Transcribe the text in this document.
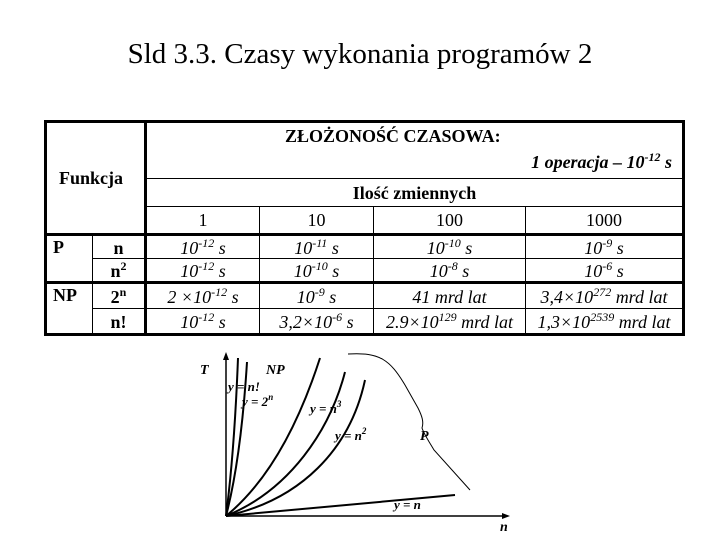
Sld 3.3. Czasy wykonania programów 2
Funkcja		ZŁOŻONOŚĆ CZASOWA:
1 operacja – $10^{-12}$ s			

		Ilość zmiennych			
		1	10	100	1000
P	n	$10^{-12}$ s	$10^{-11}$ s	$10^{-10}$ s	$10^{-9}$ s
	$n^2$	$10^{-12}$ s	$10^{-10}$ s	$10^{-8}$ s	$10^{-6}$ s
NP	2$^n$	$2 \times 10^{-12}$ s	$10^{-9}$ s	41 mrd lat	$3,4\times 10^{272}$ mrd lat
	n!	$10^{-12}$ s	$3,2\times 10^{-6}$ s	$2.9\times 10^{129}$ mrd lat	$1,3\times 10^{2539}$ mrd lat
T
n
NP
y = n!
$y = 2^n$
$y = n^3$
$y = n^2$	P
y = n
